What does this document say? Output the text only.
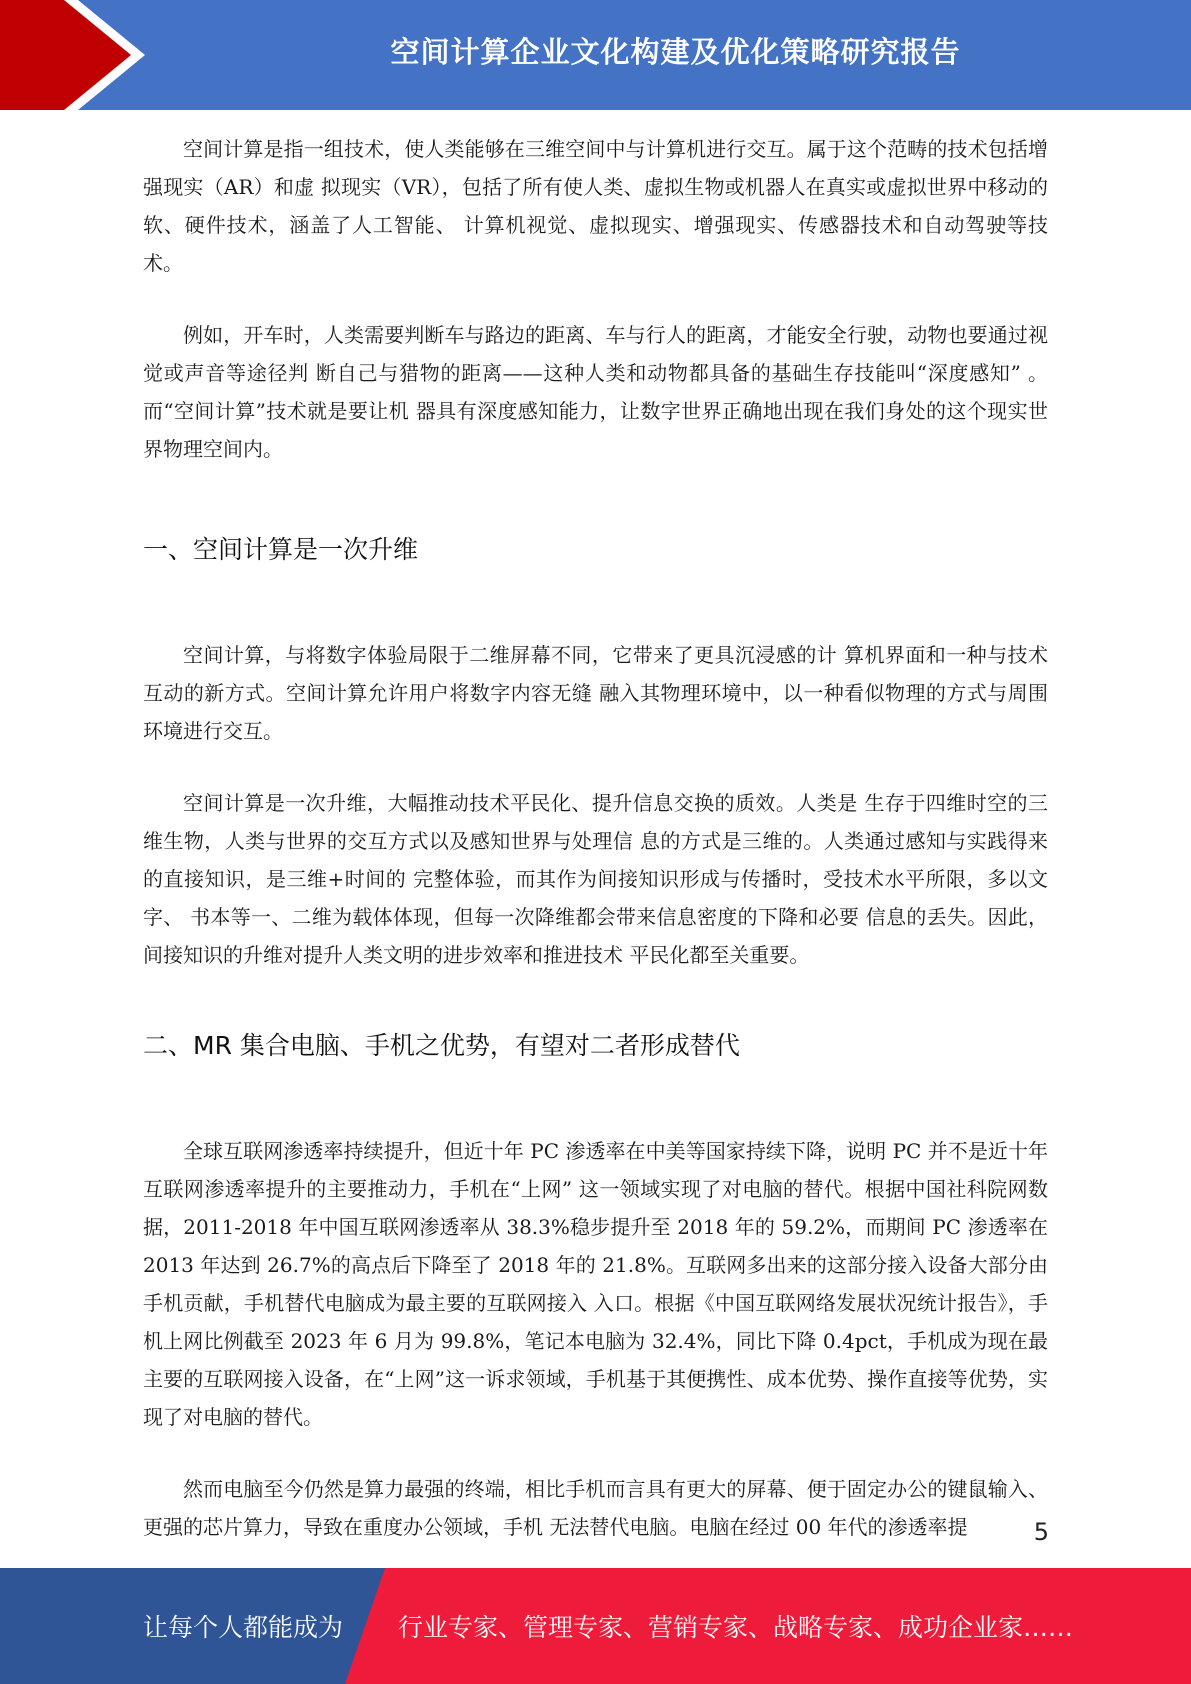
空间计算企业文化构建及优化策略研究报告

空间计算是指一组技术，使人类能够在三维空间中与计算机进行交互。属于这个范畴的技术包括增强现实（AR）和虚 拟现实（VR），包括了所有使人类、虚拟生物或机器人在真实或虚拟世界中移动的软、硬件技术，涵盖了人工智能、 计算机视觉、虚拟现实、增强现实、传感器技术和自动驾驶等技术。

例如，开车时，人类需要判断车与路边的距离、车与行人的距离，才能安全行驶，动物也要通过视觉或声音等途径判 断自己与猎物的距离——这种人类和动物都具备的基础生存技能叫“深度感知” 。而“空间计算”技术就是要让机 器具有深度感知能力，让数字世界正确地出现在我们身处的这个现实世界物理空间内。

一、空间计算是一次升维

空间计算，与将数字体验局限于二维屏幕不同，它带来了更具沉浸感的计 算机界面和一种与技术互动的新方式。空间计算允许用户将数字内容无缝 融入其物理环境中，以一种看似物理的方式与周围环境进行交互。

空间计算是一次升维，大幅推动技术平民化、提升信息交换的质效。人类是 生存于四维时空的三维生物，人类与世界的交互方式以及感知世界与处理信 息的方式是三维的。人类通过感知与实践得来的直接知识，是三维+时间的 完整体验，而其作为间接知识形成与传播时，受技术水平所限，多以文字、 书本等一、二维为载体体现，但每一次降维都会带来信息密度的下降和必要 信息的丢失。因此，间接知识的升维对提升人类文明的进步效率和推进技术 平民化都至关重要。

二、MR 集合电脑、手机之优势，有望对二者形成替代

全球互联网渗透率持续提升，但近十年 PC 渗透率在中美等国家持续下降，说明 PC 并不是近十年互联网渗透率提升的主要推动力，手机在“上网” 这一领域实现了对电脑的替代。根据中国社科院网数据，2011-2018 年中国互联网渗透率从 38.3%稳步提升至 2018 年的 59.2%，而期间 PC 渗透率在 2013 年达到 26.7%的高点后下降至了 2018 年的 21.8%。互联网多出来的这部分接入设备大部分由手机贡献，手机替代电脑成为最主要的互联网接入 入口。根据《中国互联网络发展状况统计报告》，手机上网比例截至 2023 年 6 月为 99.8%，笔记本电脑为 32.4%，同比下降 0.4pct，手机成为现在最 主要的互联网接入设备，在“上网”这一诉求领域，手机基于其便携性、成本优势、操作直接等优势，实现了对电脑的替代。

然而电脑至今仍然是算力最强的终端，相比手机而言具有更大的屏幕、便于固定办公的键鼠输入、更强的芯片算力，导致在重度办公领域，手机 无法替代电脑。电脑在经过 00 年代的渗透率提	5
让每个人都能成为 行业专家、管理专家、营销专家、战略专家、成功企业家……
